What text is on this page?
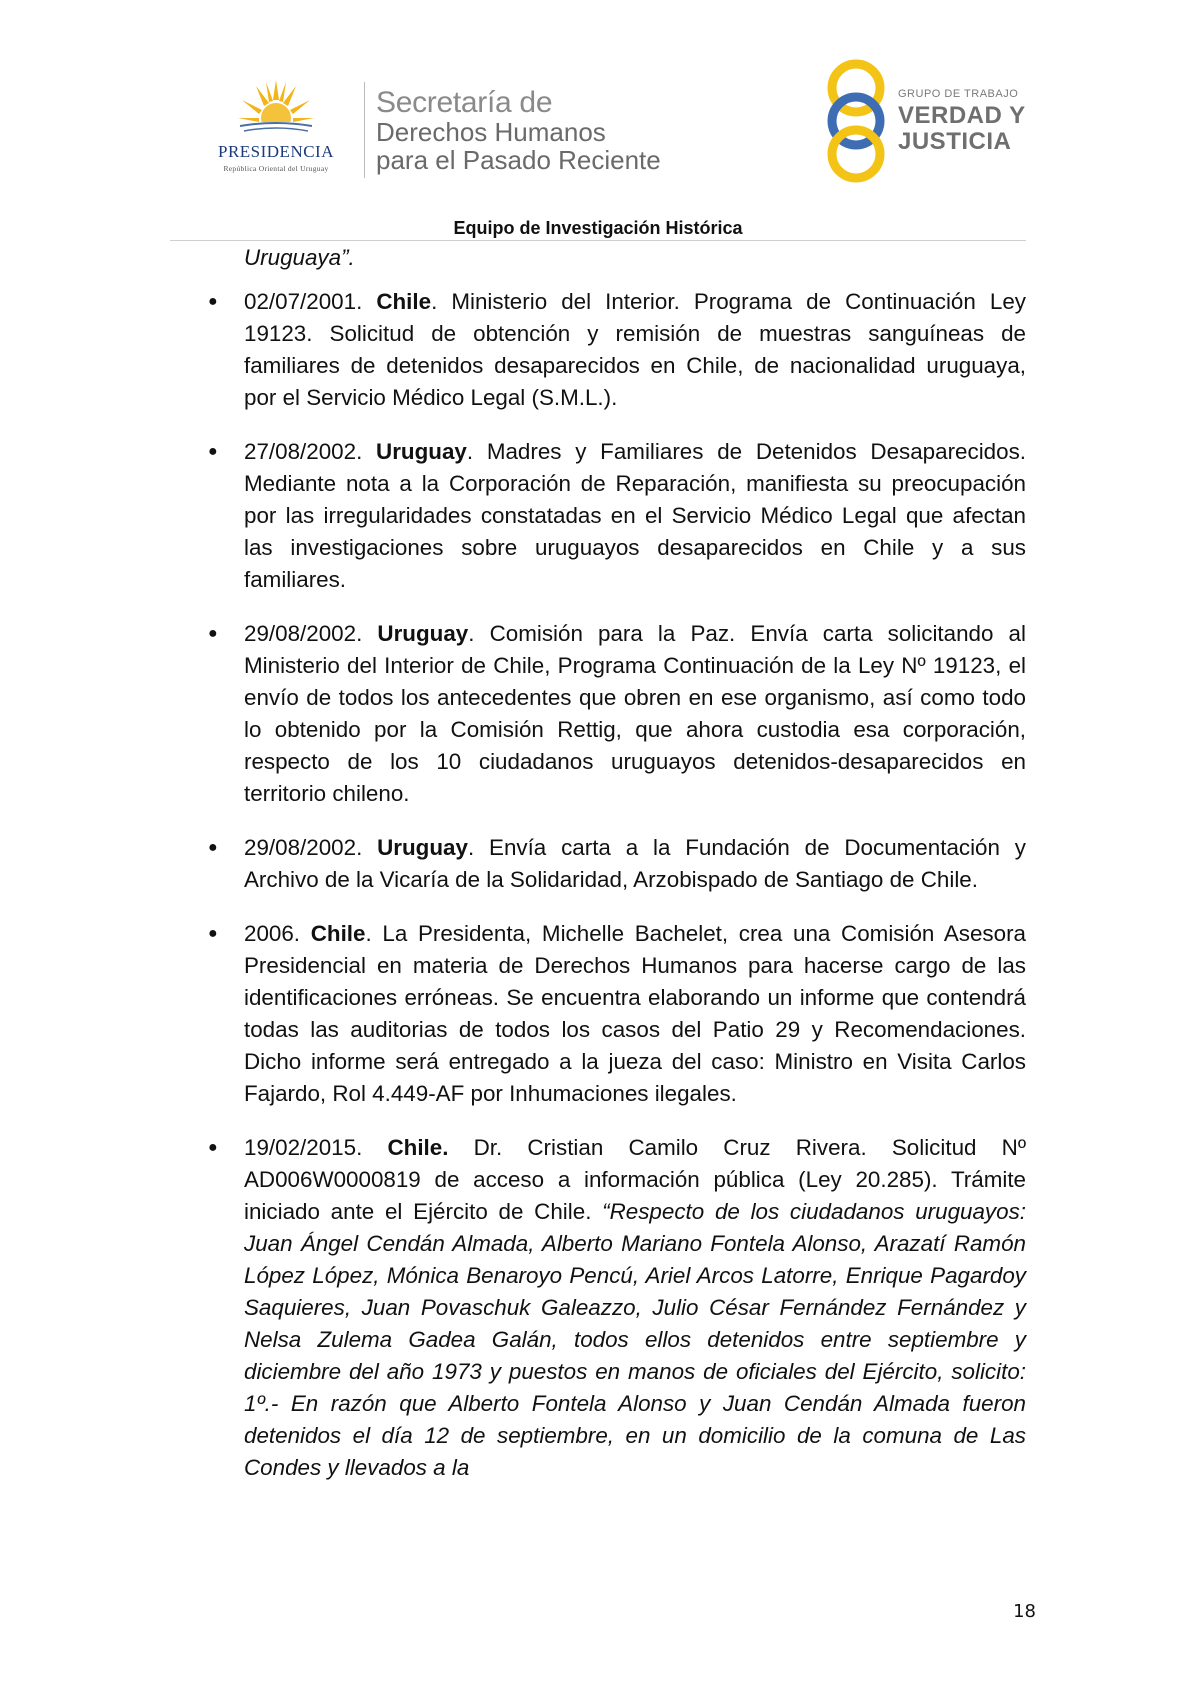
PRESIDENCIA
República Oriental del Uruguay
Secretaría de
Derechos Humanos
para el Pasado Reciente
GRUPO DE TRABAJO
VERDAD Y
JUSTICIA
Equipo de Investigación Histórica
Uruguaya”.
● 02/07/2001. Chile. Ministerio del Interior. Programa de Continuación Ley 19123. Solicitud de obtención y remisión de muestras sanguíneas de familiares de detenidos desaparecidos en Chile, de nacionalidad uruguaya, por el Servicio Médico Legal (S.M.L.).
● 27/08/2002. Uruguay. Madres y Familiares de Detenidos Desaparecidos. Mediante nota a la Corporación de Reparación, manifiesta su preocupación por las irregularidades constatadas en el Servicio Médico Legal que afectan las investigaciones sobre uruguayos desaparecidos en Chile y a sus familiares.
● 29/08/2002. Uruguay. Comisión para la Paz. Envía carta solicitando al Ministerio del Interior de Chile, Programa Continuación de la Ley Nº 19123, el envío de todos los antecedentes que obren en ese organismo, así como todo lo obtenido por la Comisión Rettig, que ahora custodia esa corporación, respecto de los 10 ciudadanos uruguayos detenidos-desaparecidos en territorio chileno.
● 29/08/2002. Uruguay. Envía carta a la Fundación de Documentación y Archivo de la Vicaría de la Solidaridad, Arzobispado de Santiago de Chile.
● 2006. Chile. La Presidenta, Michelle Bachelet, crea una Comisión Asesora Presidencial en materia de Derechos Humanos para hacerse cargo de las identificaciones erróneas. Se encuentra elaborando un informe que contendrá todas las auditorias de todos los casos del Patio 29 y Recomendaciones. Dicho informe será entregado a la jueza del caso: Ministro en Visita Carlos Fajardo, Rol 4.449-AF por Inhumaciones ilegales.
● 19/02/2015. Chile. Dr. Cristian Camilo Cruz Rivera. Solicitud Nº AD006W0000819 de acceso a información pública (Ley 20.285). Trámite iniciado ante el Ejército de Chile. “Respecto de los ciudadanos uruguayos: Juan Ángel Cendán Almada, Alberto Mariano Fontela Alonso, Arazatí Ramón López López, Mónica Benaroyo Pencú, Ariel Arcos Latorre, Enrique Pagardoy Saquieres, Juan Povaschuk Galeazzo, Julio César Fernández Fernández y Nelsa Zulema Gadea Galán, todos ellos detenidos entre septiembre y diciembre del año 1973 y puestos en manos de oficiales del Ejército, solicito: 1º.- En razón que Alberto Fontela Alonso y Juan Cendán Almada fueron detenidos el día 12 de septiembre, en un domicilio de la comuna de Las Condes y llevados a la
18
